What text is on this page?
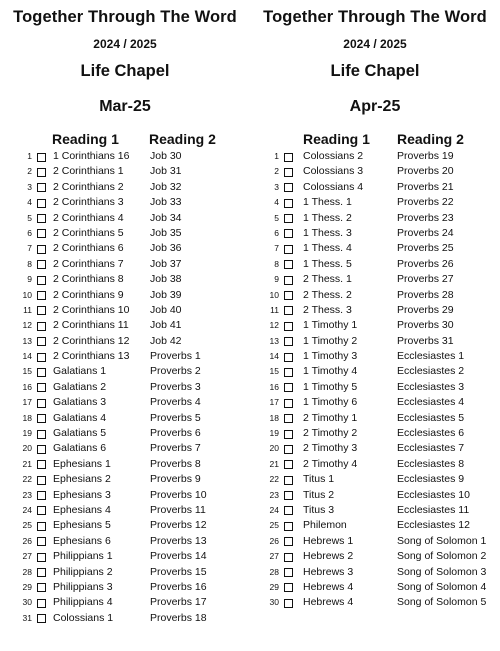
Together Through The Word
2024 / 2025
Life Chapel
Mar-25
Reading 1 Reading 2
1 1 Corinthians 16 Job 30
2 2 Corinthians 1	Job 31
3 2 Corinthians 2	Job 32
4 2 Corinthians 3	Job 33
5 2 Corinthians 4	Job 34
6 2 Corinthians 5	Job 35
7 2 Corinthians 6	Job 36
8 2 Corinthians 7	Job 37
9 2 Corinthians 8	Job 38
10 2 Corinthians 9	Job 39
11 2 Corinthians 10 Job 40
12 2 Corinthians 11 Job 41
13 2 Corinthians 12 Job 42
14 2 Corinthians 13 Proverbs 1
15 Galatians 1	Proverbs 2
16 Galatians 2	Proverbs 3
17 Galatians 3	Proverbs 4
18 Galatians 4	Proverbs 5
19 Galatians 5	Proverbs 6
20 Galatians 6	Proverbs 7
21 Ephesians 1	Proverbs 8
22 Ephesians 2	Proverbs 9
23 Ephesians 3	Proverbs 10
24 Ephesians 4	Proverbs 11
25 Ephesians 5	Proverbs 12
26 Ephesians 6	Proverbs 13
27 Philippians 1	Proverbs 14
28 Philippians 2	Proverbs 15
29 Philippians 3	Proverbs 16
30 Philippians 4	Proverbs 17
31 Colossians 1	Proverbs 18
Together Through The Word
2024 / 2025
Life Chapel
Apr-25
Reading 1 Reading 2
1 Colossians 2	Proverbs 19
2 Colossians 3	Proverbs 20
3 Colossians 4	Proverbs 21
4 1 Thess. 1	Proverbs 22
5 1 Thess. 2	Proverbs 23
6 1 Thess. 3	Proverbs 24
7 1 Thess. 4	Proverbs 25
8 1 Thess. 5	Proverbs 26
9 2 Thess. 1	Proverbs 27
10 2 Thess. 2	Proverbs 28
11 2 Thess. 3	Proverbs 29
12 1 Timothy 1	Proverbs 30
13 1 Timothy 2	Proverbs 31
14 1 Timothy 3	Ecclesiastes 1
15 1 Timothy 4	Ecclesiastes 2
16 1 Timothy 5	Ecclesiastes 3
17 1 Timothy 6	Ecclesiastes 4
18 2 Timothy 1	Ecclesiastes 5
19 2 Timothy 2	Ecclesiastes 6
20 2 Timothy 3	Ecclesiastes 7
21 2 Timothy 4	Ecclesiastes 8
22 Titus 1	Ecclesiastes 9
23 Titus 2	Ecclesiastes 10
24 Titus 3	Ecclesiastes 11
25 Philemon	Ecclesiastes 12
26 Hebrews 1	Song of Solomon 1
27 Hebrews 2	Song of Solomon 2
28 Hebrews 3	Song of Solomon 3
29 Hebrews 4	Song of Solomon 4
30 Hebrews 4	Song of Solomon 5
